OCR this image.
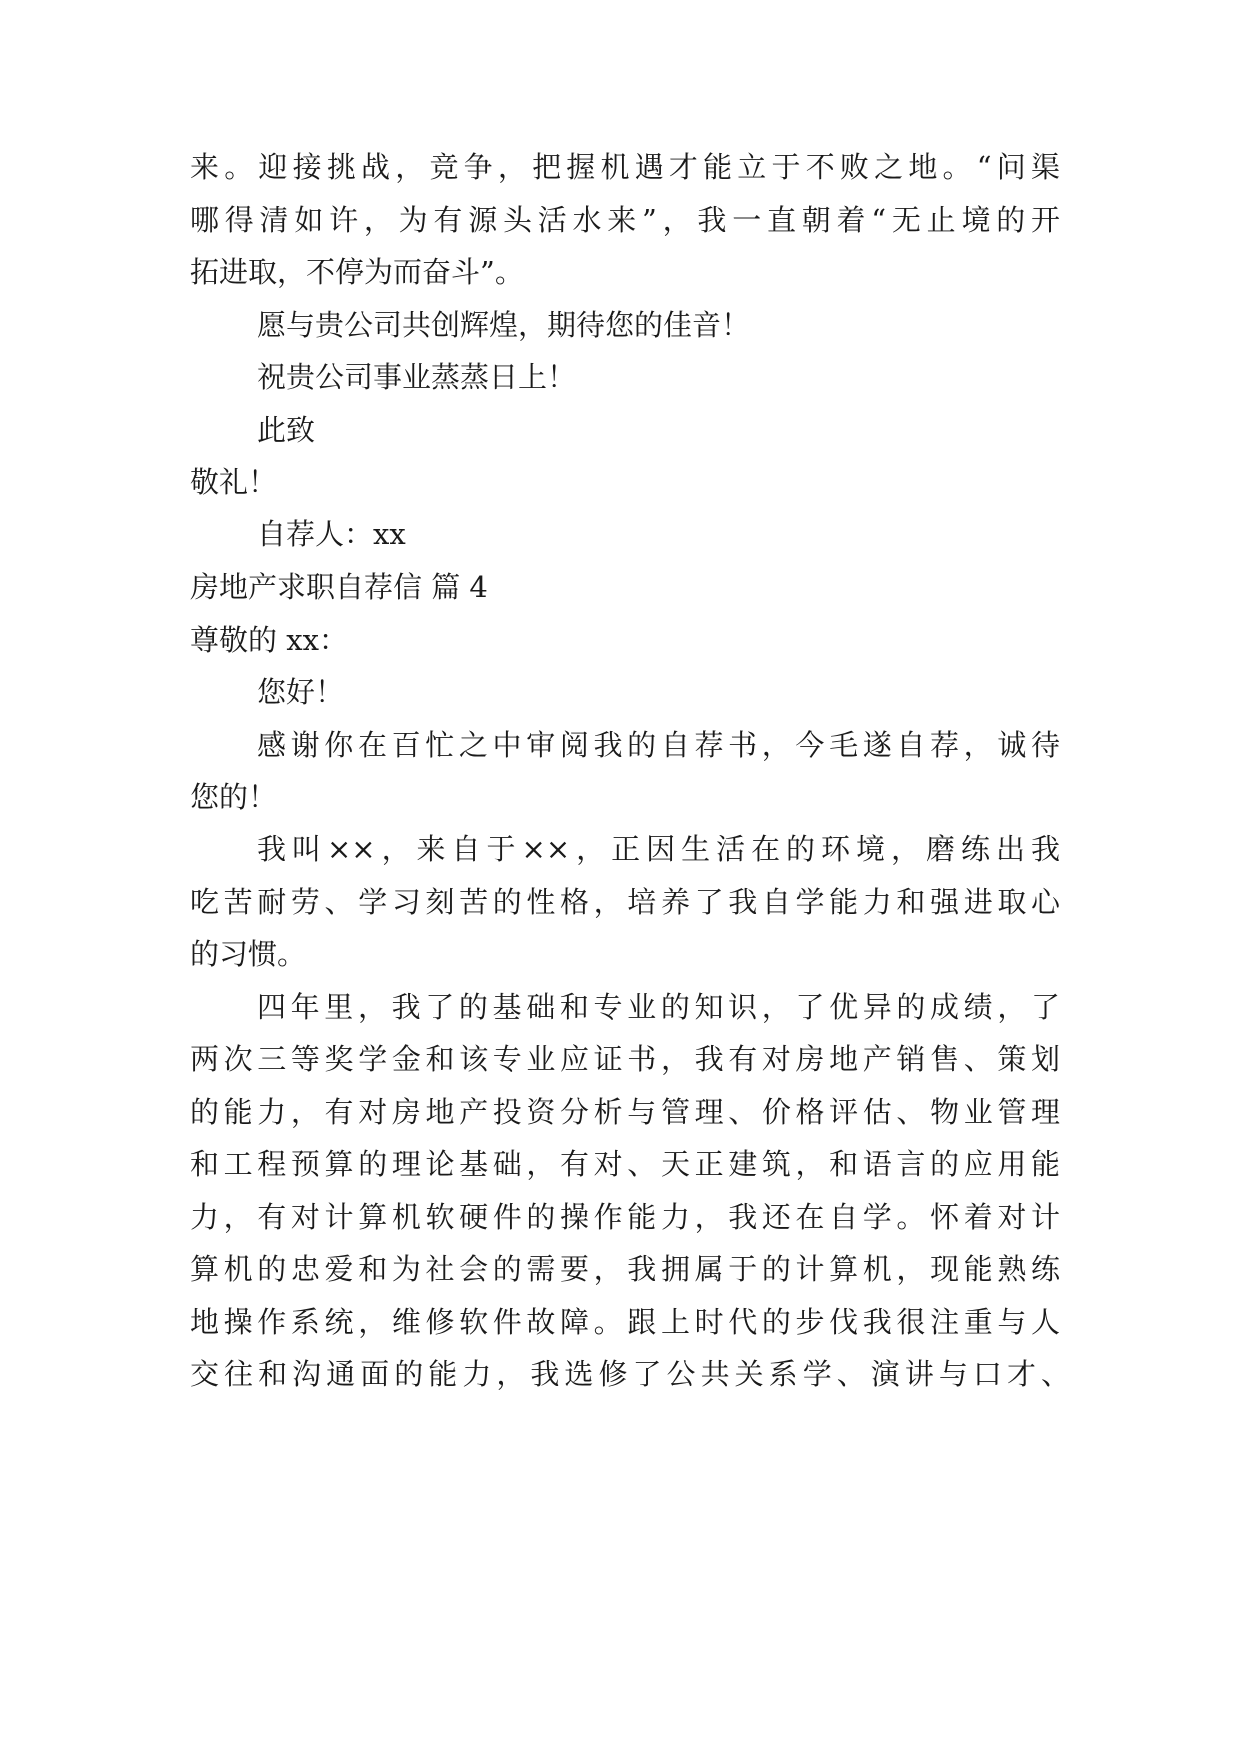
来。迎接挑战，竞争，把握机遇才能立于不败之地。“问渠
哪得清如许，为有源头活水来”，我一直朝着“无止境的开
拓进取，不停为而奋斗”。
愿与贵公司共创辉煌，期待您的佳音！
祝贵公司事业蒸蒸日上！
此致
敬礼！
自荐人：xx
房地产求职自荐信 篇 4
尊敬的 xx：
您好！
感谢你在百忙之中审阅我的自荐书，今毛遂自荐，诚待
您的！
我叫××，来自于××，正因生活在的环境，磨练出我
吃苦耐劳、学习刻苦的性格，培养了我自学能力和强进取心
的习惯。
四年里，我了的基础和专业的知识，了优异的成绩，了
两次三等奖学金和该专业应证书，我有对房地产销售、策划
的能力，有对房地产投资分析与管理、价格评估、物业管理
和工程预算的理论基础，有对、天正建筑，和语言的应用能
力，有对计算机软硬件的操作能力，我还在自学。怀着对计
算机的忠爱和为社会的需要，我拥属于的计算机，现能熟练
地操作系统，维修软件故障。跟上时代的步伐我很注重与人
交往和沟通面的能力，我选修了公共关系学、演讲与口才、
